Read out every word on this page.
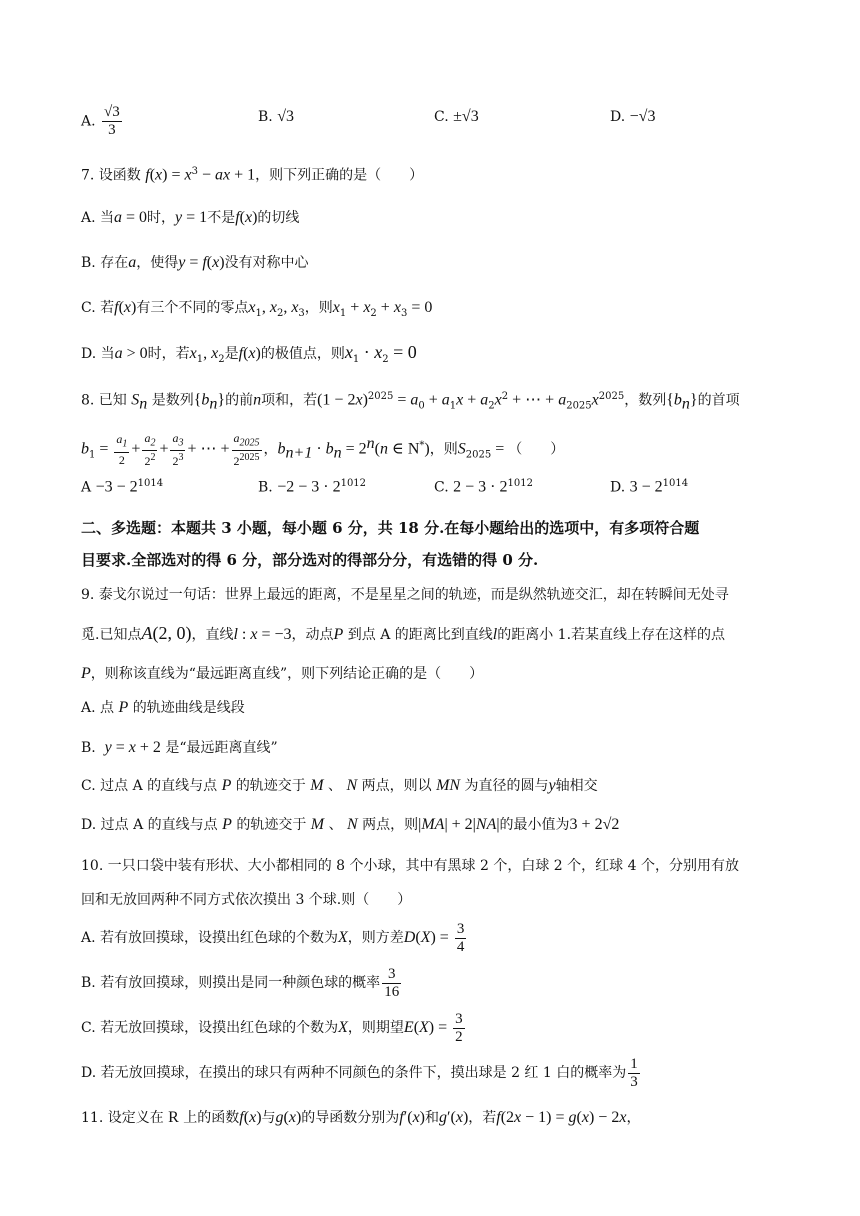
A. $\frac{√3}{3}$	B. √3	C. ±√3	D. −√3
7. 设函数 $f(x) = x^3$ − ax + 1，则下列正确的是（　　）
A. 当a = 0时，y = 1不是f(x)的切线
B. 存在a，使得y = f(x)没有对称中心
C. 若f(x)有三个不同的零点$x_1$, $x_2$, $x_3$，则$x_1 + x_2 + x_3 = 0$
D. 当a > 0时，若$x_1$, $x_2$是f(x)的极值点，则$x_1 \cdot x_2 = 0$
8. 已知 $S_n$ 是数列$\{b_n\}$的前n项和，若$(1 - 2x)^{2025} = a_0 + a_1x + a_2x^2$ + ⋯ + $a_{2025}x^{2025}$，数列$\{b_n\}$的首项
$b_1 = \frac{a_1}{2} + \frac{a_2}{2^2} + \frac{a_3}{2^3}$ + ⋯ + $\frac{a_{2025}}{2^{2025}}$ ，$b_{n+1} \cdot b_n = 2^n(n$ ∈ N*)，则$S_{2025}$ = （　　）
$A -3 - 2^{1014}$	B. $-2 - 3 \cdot 2^{1012}$	C. $2 - 3 \cdot 2^{1012}$	D. $3 - 2^{1014}$
二、多选题：本题共 3 小题，每小题 6 分，共 18 分.在每小题给出的选项中，有多项符合题
目要求.全部选对的得 6 分，部分选对的得部分分，有选错的得 0 分.
9. 泰戈尔说过一句话：世界上最远的距离，不是星星之间的轨迹，而是纵然轨迹交汇，却在转瞬间无处寻
觅.已知点A(2, 0)，直线l : x = −3，动点P 到点 A 的距离比到直线l的距离小 1.若某直线上存在这样的点
P，则称该直线为“最远距离直线”，则下列结论正确的是（　　）
A. 点 P 的轨迹曲线是线段
B. y = x + 2 是“最远距离直线”
C. 过点 A 的直线与点 P 的轨迹交于 M 、 N 两点，则以 MN 为直径的圆与y轴相交
D. 过点 A 的直线与点 P 的轨迹交于 M 、 N 两点，则|MA| + 2|NA|的最小值为3 + 2√2
10. 一只口袋中装有形状、大小都相同的 8 个小球，其中有黑球 2 个，白球 2 个，红球 4 个，分别用有放
回和无放回两种不同方式依次摸出 3 个球.则（　　）
A. 若有放回摸球，设摸出红色球的个数为X，则方差$D(X) = \frac{3}{4}$
B. 若有放回摸球，则摸出是同一种颜色球的概率 $\frac{3}{16}$
C. 若无放回摸球，设摸出红色球的个数为X，则期望$E(X) = \frac{3}{2}$
D. 若无放回摸球，在摸出的球只有两种不同颜色的条件下，摸出球是 2 红 1 白的概率为 $\frac{1}{3}$
11. 设定义在 R 上的函数f(x)与g(x)的导函数分别为f′(x)和g′(x)，若f(2x − 1) = g(x) − 2x，
